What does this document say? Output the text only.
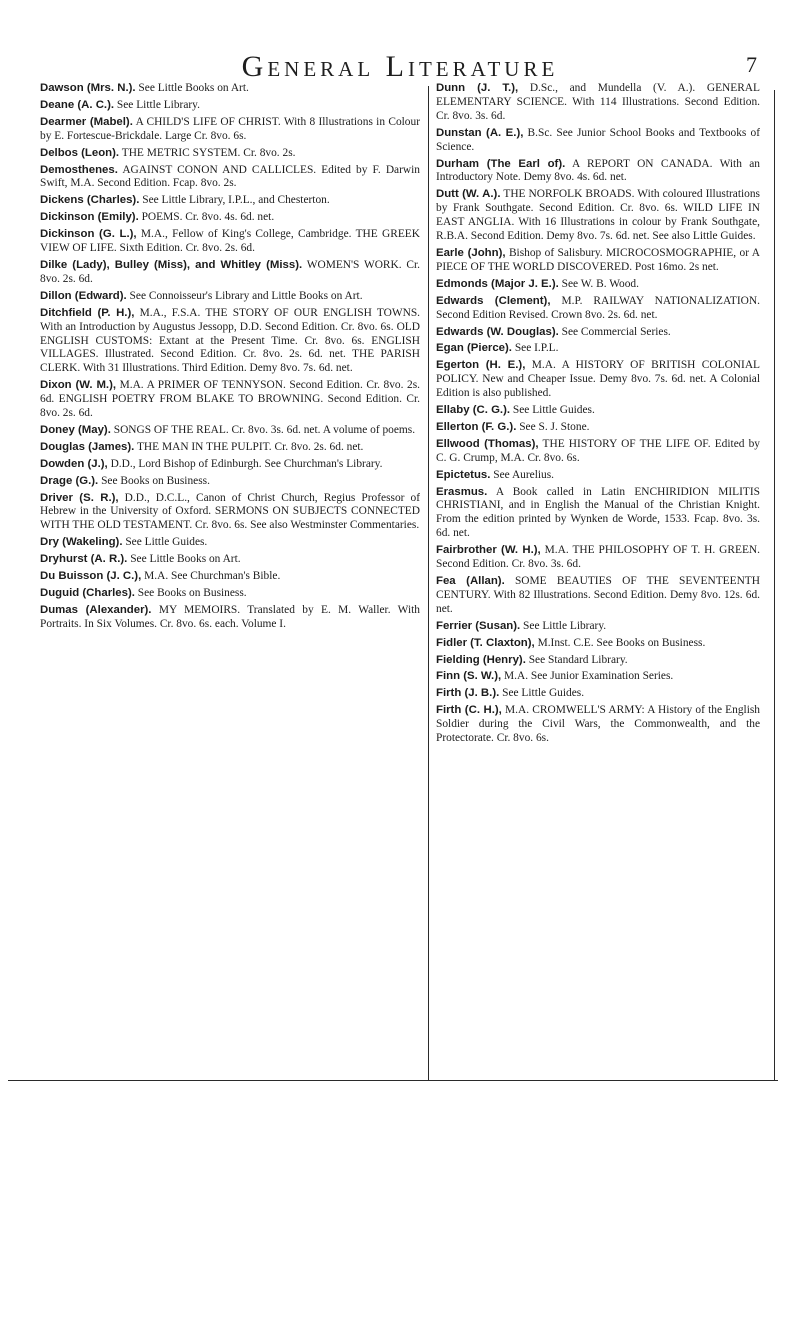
General Literature	7

Dawson (Mrs. N.). See Little Books on Art.

Deane (A. C.). See Little Library.

Dearmer (Mabel). A CHILD'S LIFE OF CHRIST. With 8 Illustrations in Colour by E. Fortescue-Brickdale. Large Cr. 8vo. 6s.

Delbos (Leon). THE METRIC SYSTEM. Cr. 8vo. 2s.

Demosthenes. AGAINST CONON AND CALLICLES. Edited by F. Darwin Swift, M.A. Second Edition. Fcap. 8vo. 2s.

Dickens (Charles). See Little Library, I.P.L., and Chesterton.

Dickinson (Emily). POEMS. Cr. 8vo. 4s. 6d. net.

Dickinson (G. L.), M.A., Fellow of King's College, Cambridge. THE GREEK VIEW OF LIFE. Sixth Edition. Cr. 8vo. 2s. 6d.

Dilke (Lady), Bulley (Miss), and Whitley (Miss). WOMEN'S WORK. Cr. 8vo. 2s. 6d.

Dillon (Edward). See Connoisseur's Library and Little Books on Art.

Ditchfield (P. H.), M.A., F.S.A. THE STORY OF OUR ENGLISH TOWNS. With an Introduction by Augustus Jessopp, D.D. Second Edition. Cr. 8vo. 6s. OLD ENGLISH CUSTOMS: Extant at the Present Time. Cr. 8vo. 6s. ENGLISH VILLAGES. Illustrated. Second Edition. Cr. 8vo. 2s. 6d. net. THE PARISH CLERK. With 31 Illustrations. Third Edition. Demy 8vo. 7s. 6d. net.

Dixon (W. M.), M.A. A PRIMER OF TENNYSON. Second Edition. Cr. 8vo. 2s. 6d. ENGLISH POETRY FROM BLAKE TO BROWNING. Second Edition. Cr. 8vo. 2s. 6d.

Doney (May). SONGS OF THE REAL. Cr. 8vo. 3s. 6d. net. A volume of poems.

Douglas (James). THE MAN IN THE PULPIT. Cr. 8vo. 2s. 6d. net.

Dowden (J.), D.D., Lord Bishop of Edinburgh. See Churchman's Library.

Drage (G.). See Books on Business.

Driver (S. R.), D.D., D.C.L., Canon of Christ Church, Regius Professor of Hebrew in the University of Oxford. SERMONS ON SUBJECTS CONNECTED WITH THE OLD TESTAMENT. Cr. 8vo. 6s. See also Westminster Commentaries.

Dry (Wakeling). See Little Guides.

Dryhurst (A. R.). See Little Books on Art.

Du Buisson (J. C.), M.A. See Churchman's Bible.

Duguid (Charles). See Books on Business.

Dumas (Alexander). MY MEMOIRS. Translated by E. M. Waller. With Portraits. In Six Volumes. Cr. 8vo. 6s. each. Volume I.

Dunn (J. T.), D.Sc., and Mundella (V. A.). GENERAL ELEMENTARY SCIENCE. With 114 Illustrations. Second Edition. Cr. 8vo. 3s. 6d.

Dunstan (A. E.), B.Sc. See Junior School Books and Textbooks of Science.

Durham (The Earl of). A REPORT ON CANADA. With an Introductory Note. Demy 8vo. 4s. 6d. net.

Dutt (W. A.). THE NORFOLK BROADS. With coloured Illustrations by Frank Southgate. Second Edition. Cr. 8vo. 6s. WILD LIFE IN EAST ANGLIA. With 16 Illustrations in colour by Frank Southgate, R.B.A. Second Edition. Demy 8vo. 7s. 6d. net. See also Little Guides.

Earle (John), Bishop of Salisbury. MICROCOSMOGRAPHIE, or A PIECE OF THE WORLD DISCOVERED. Post 16mo. 2s net.

Edmonds (Major J. E.). See W. B. Wood.

Edwards (Clement), M.P. RAILWAY NATIONALIZATION. Second Edition Revised. Crown 8vo. 2s. 6d. net.

Edwards (W. Douglas). See Commercial Series.

Egan (Pierce). See I.P.L.

Egerton (H. E.), M.A. A HISTORY OF BRITISH COLONIAL POLICY. New and Cheaper Issue. Demy 8vo. 7s. 6d. net. A Colonial Edition is also published.

Ellaby (C. G.). See Little Guides.

Ellerton (F. G.). See S. J. Stone.

Ellwood (Thomas), THE HISTORY OF THE LIFE OF. Edited by C. G. Crump, M.A. Cr. 8vo. 6s.

Epictetus. See Aurelius.

Erasmus. A Book called in Latin ENCHIRIDION MILITIS CHRISTIANI, and in English the Manual of the Christian Knight. From the edition printed by Wynken de Worde, 1533. Fcap. 8vo. 3s. 6d. net.

Fairbrother (W. H.), M.A. THE PHILOSOPHY OF T. H. GREEN. Second Edition. Cr. 8vo. 3s. 6d.

Fea (Allan). SOME BEAUTIES OF THE SEVENTEENTH CENTURY. With 82 Illustrations. Second Edition. Demy 8vo. 12s. 6d. net.

Ferrier (Susan). See Little Library.

Fidler (T. Claxton), M.Inst. C.E. See Books on Business.

Fielding (Henry). See Standard Library.

Finn (S. W.), M.A. See Junior Examination Series.

Firth (J. B.). See Little Guides.

Firth (C. H.), M.A. CROMWELL'S ARMY: A History of the English Soldier during the Civil Wars, the Commonwealth, and the Protectorate. Cr. 8vo. 6s.
